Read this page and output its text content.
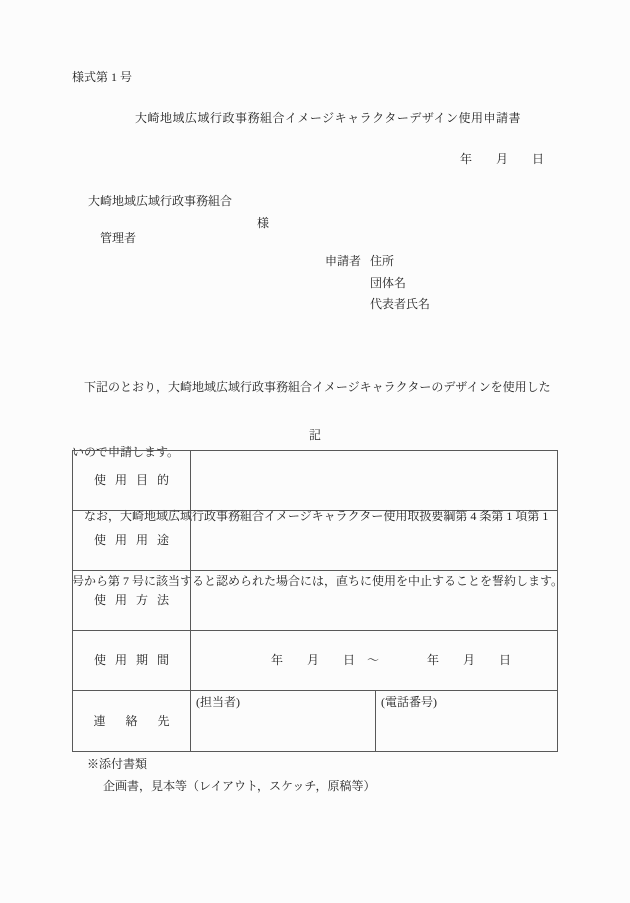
様式第 1 号
大崎地域広域行政事務組合イメージキャラクターデザイン使用申請書
年　　月　　日
大崎地域広域行政事務組合

管理者

様

申請者 住所
団体名
代表者氏名

　下記のとおり，大崎地域広域行政事務組合イメージキャラクターのデザインを使用した

いので申請します。

　なお，大崎地域広域行政事務組合イメージキャラクター使用取扱要綱第 4 条第 1 項第 1

号から第 7 号に該当すると認められた場合には，直ちに使用を中止することを誓約します。

記
使用目的
使用用途
使用方法
使用期間	年　　月　　日　～　　　　年　　月　　日
連絡先
(担当者)	(電話番号)
※添付書類
企画書，見本等（レイアウト，スケッチ，原稿等）
